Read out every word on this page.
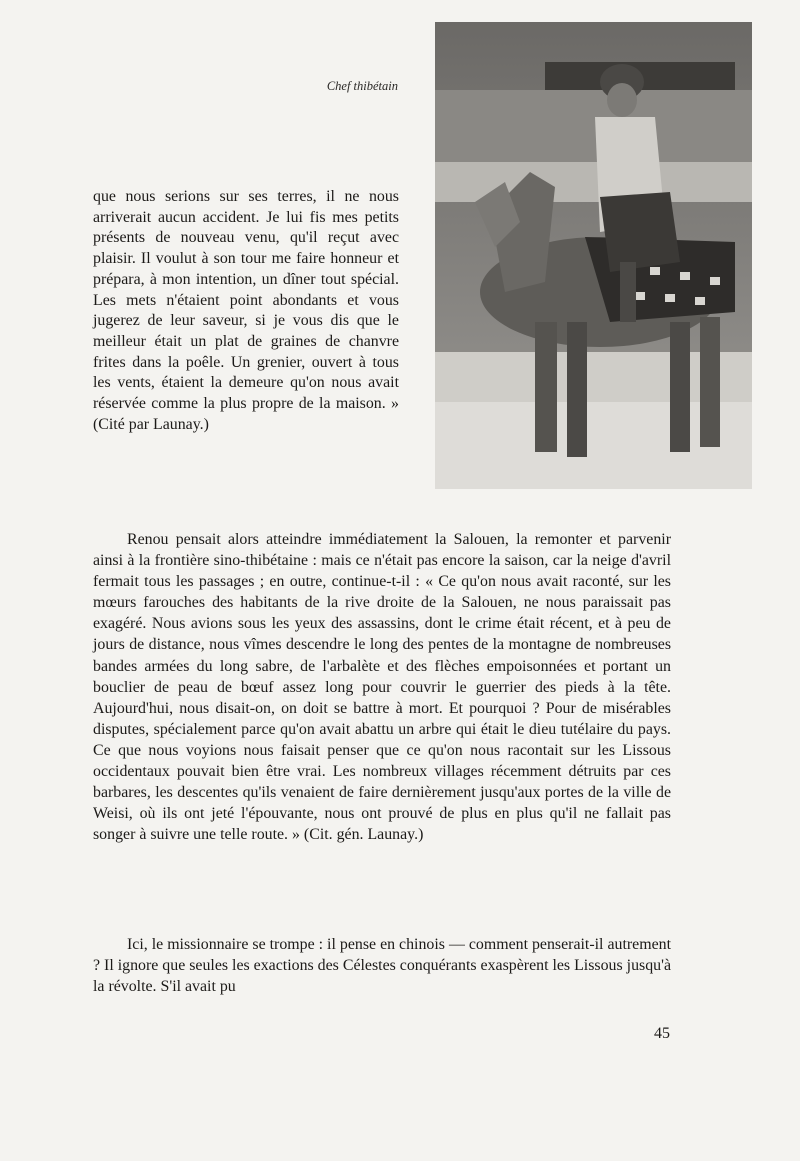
Chef thibétain

que nous serions sur ses terres, il ne nous arriverait aucun accident. Je lui fis mes petits présents de nouveau venu, qu'il reçut avec plaisir. Il voulut à son tour me faire honneur et prépara, à mon intention, un dîner tout spécial. Les mets n'étaient point abondants et vous jugerez de leur saveur, si je vous dis que le meilleur était un plat de graines de chanvre frites dans la poêle. Un grenier, ouvert à tous les vents, étaient la demeure qu'on nous avait réservée comme la plus propre de la maison. » (Cité par Launay.)

Renou pensait alors atteindre immédiatement la Salouen, la remonter et parvenir ainsi à la frontière sino-thibétaine : mais ce n'était pas encore la saison, car la neige d'avril fermait tous les passages ; en outre, continue-t-il : « Ce qu'on nous avait raconté, sur les mœurs farouches des habitants de la rive droite de la Salouen, ne nous paraissait pas exagéré. Nous avions sous les yeux des assassins, dont le crime était récent, et à peu de jours de distance, nous vîmes descendre le long des pentes de la montagne de nombreuses bandes armées du long sabre, de l'arbalète et des flèches empoisonnées et portant un bouclier de peau de bœuf assez long pour couvrir le guerrier des pieds à la tête. Aujourd'hui, nous disait-on, on doit se battre à mort. Et pourquoi ? Pour de misérables disputes, spécialement parce qu'on avait abattu un arbre qui était le dieu tutélaire du pays. Ce que nous voyions nous faisait penser que ce qu'on nous racontait sur les Lissous occidentaux pouvait bien être vrai. Les nombreux villages récemment détruits par ces barbares, les descentes qu'ils venaient de faire dernièrement jusqu'aux portes de la ville de Weisi, où ils ont jeté l'épouvante, nous ont prouvé de plus en plus qu'il ne fallait pas songer à suivre une telle route. » (Cit. gén. Launay.)

Ici, le missionnaire se trompe : il pense en chinois — comment penserait-il autrement ? Il ignore que seules les exactions des Célestes conquérants exaspèrent les Lissous jusqu'à la révolte. S'il avait pu

45
